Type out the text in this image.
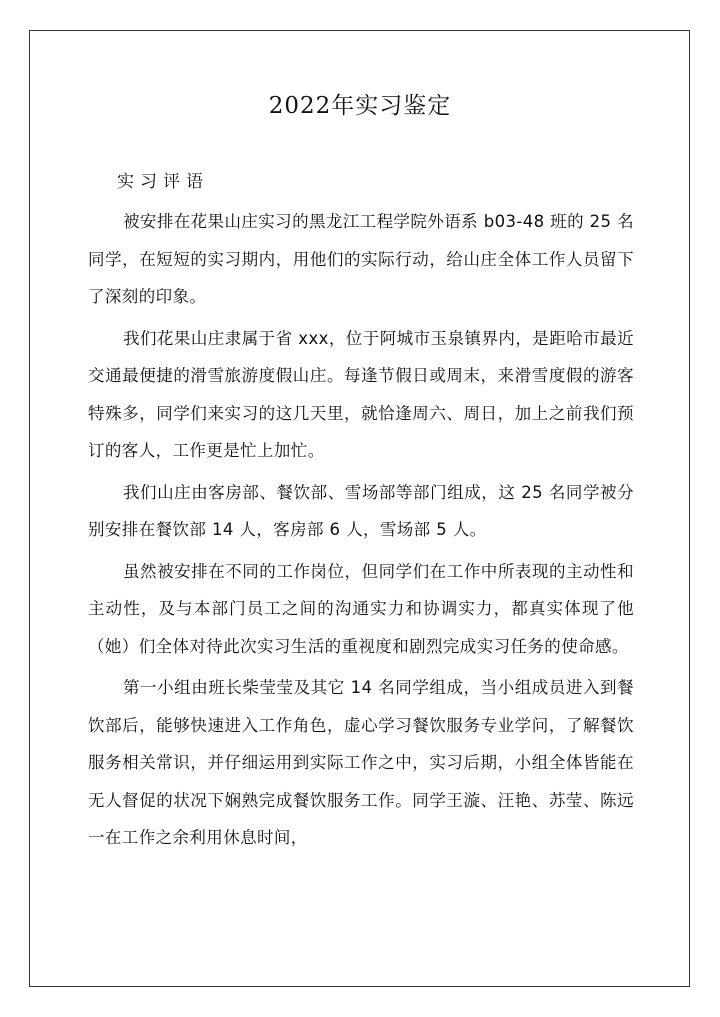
2022年实习鉴定
实习评语

被安排在花果山庄实习的黑龙江工程学院外语系 b03-48 班的 25 名同学，在短短的实习期内，用他们的实际行动，给山庄全体工作人员留下了深刻的印象。

我们花果山庄隶属于省 xxx，位于阿城市玉泉镇界内，是距哈市最近交通最便捷的滑雪旅游度假山庄。每逢节假日或周末，来滑雪度假的游客特殊多，同学们来实习的这几天里，就恰逢周六、周日，加上之前我们预订的客人，工作更是忙上加忙。

我们山庄由客房部、餐饮部、雪场部等部门组成，这 25 名同学被分别安排在餐饮部 14 人，客房部 6 人，雪场部 5 人。

虽然被安排在不同的工作岗位，但同学们在工作中所表现的主动性和主动性，及与本部门员工之间的沟通实力和协调实力，都真实体现了他（她）们全体对待此次实习生活的重视度和剧烈完成实习任务的使命感。

第一小组由班长柴莹莹及其它 14 名同学组成，当小组成员进入到餐饮部后，能够快速进入工作角色，虚心学习餐饮服务专业学问，了解餐饮服务相关常识，并仔细运用到实际工作之中，实习后期，小组全体皆能在无人督促的状况下娴熟完成餐饮服务工作。同学王漩、汪艳、苏莹、陈远一在工作之余利用休息时间，
